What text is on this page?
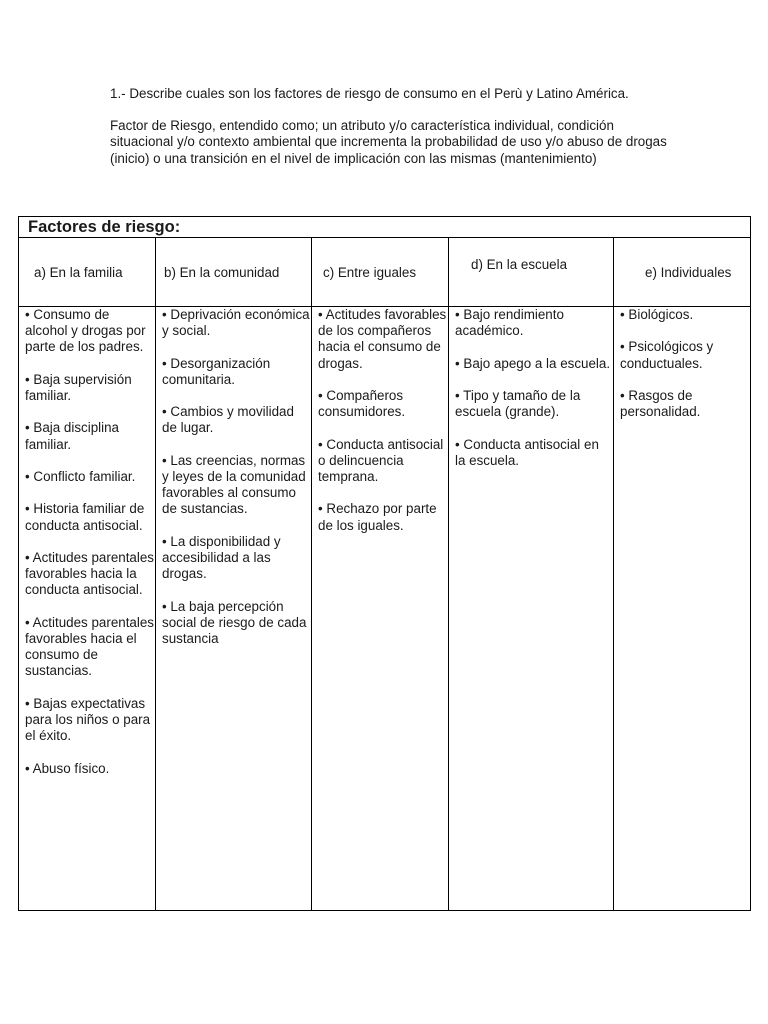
1.- Describe cuales son los factores de riesgo de consumo en el Perù y Latino América.

Factor de Riesgo, entendido como; un atributo y/o característica individual, condición situacional y/o contexto ambiental que incrementa la probabilidad de uso y/o abuso de drogas (inicio) o una transición en el nivel de implicación con las mismas (mantenimiento)

Factores de riesgo:
a) En la familia
• Consumo de alcohol y drogas por parte de los padres.
• Baja supervisión familiar.
• Baja disciplina familiar.
• Conflicto familiar.
• Historia familiar de conducta antisocial.
• Actitudes parentales favorables hacia la conducta antisocial.
• Actitudes parentales favorables hacia el consumo de sustancias.
• Bajas expectativas para los niños o para el éxito.
• Abuso físico.
b) En la comunidad
• Deprivación económica y social.
• Desorganización comunitaria.
• Cambios y movilidad de lugar.
• Las creencias, normas y leyes de la comunidad favorables al consumo de sustancias.
• La disponibilidad y accesibilidad a las drogas.
• La baja percepción social de riesgo de cada sustancia
c) Entre iguales
• Actitudes favorables de los compañeros hacia el consumo de drogas.
• Compañeros consumidores.
• Conducta antisocial o delincuencia temprana.
• Rechazo por parte de los iguales.
d) En la escuela
• Bajo rendimiento académico.
• Bajo apego a la escuela.
• Tipo y tamaño de la escuela (grande).
• Conducta antisocial en la escuela.
e) Individuales
• Biológicos.
• Psicológicos y conductuales.
• Rasgos de personalidad.
